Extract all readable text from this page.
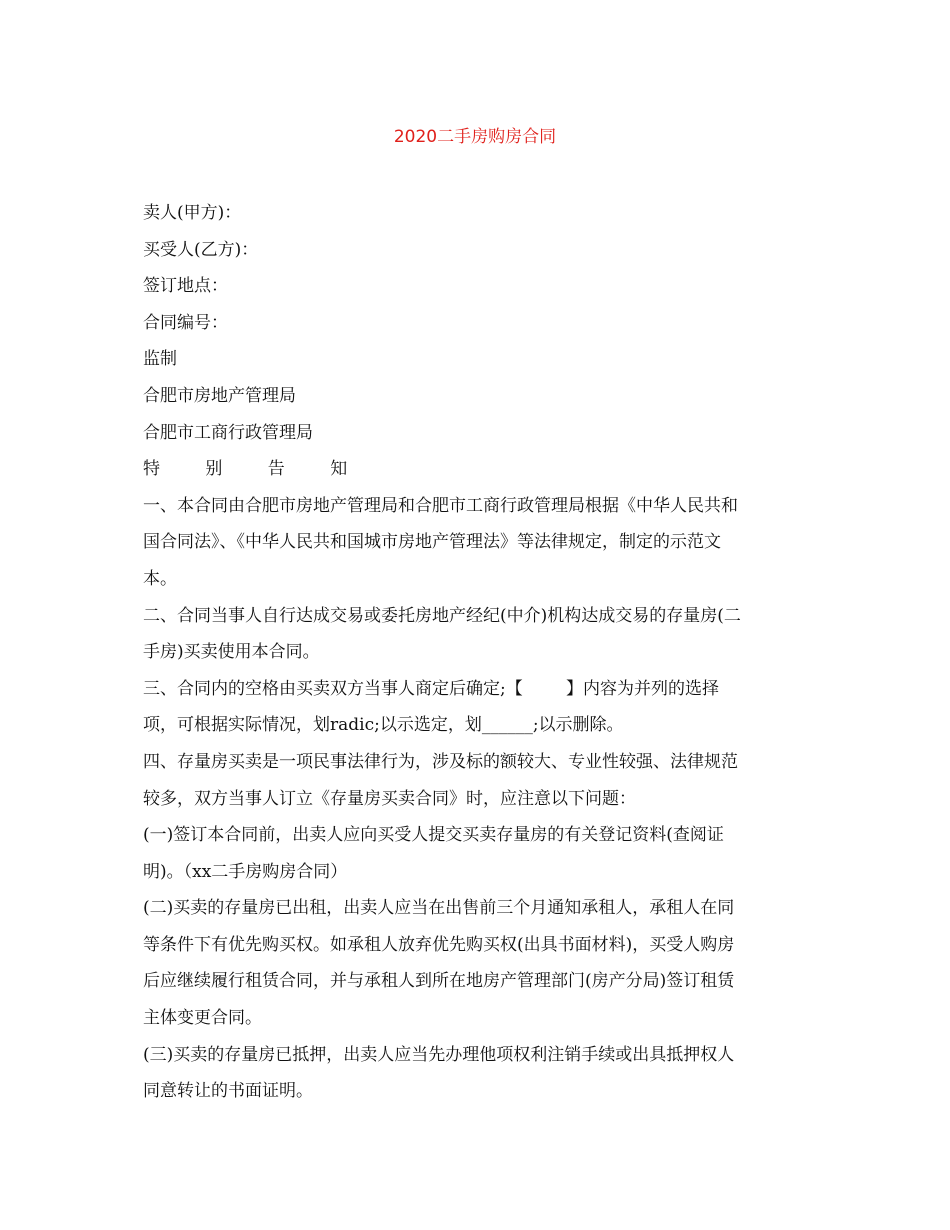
2020二手房购房合同
卖人(甲方)：
买受人(乙方)：
签订地点：
合同编号：
监制
合肥市房地产管理局
合肥市工商行政管理局
特 别 告 知
一、本合同由合肥市房地产管理局和合肥市工商行政管理局根据《中华人民共和
国合同法》、《中华人民共和国城市房地产管理法》等法律规定，制定的示范文
本。
二、合同当事人自行达成交易或委托房地产经纪(中介)机构达成交易的存量房(二
手房)买卖使用本合同。
三、合同内的空格由买卖双方当事人商定后确定;【        】内容为并列的选择
项，可根据实际情况，划radic;以示选定，划______;以示删除。
四、存量房买卖是一项民事法律行为，涉及标的额较大、专业性较强、法律规范
较多，双方当事人订立《存量房买卖合同》时，应注意以下问题：
(一)签订本合同前，出卖人应向买受人提交买卖存量房的有关登记资料(查阅证
明)。（xx二手房购房合同）
(二)买卖的存量房已出租，出卖人应当在出售前三个月通知承租人，承租人在同
等条件下有优先购买权。如承租人放弃优先购买权(出具书面材料)，买受人购房
后应继续履行租赁合同，并与承租人到所在地房产管理部门(房产分局)签订租赁
主体变更合同。
(三)买卖的存量房已抵押，出卖人应当先办理他项权利注销手续或出具抵押权人
同意转让的书面证明。
